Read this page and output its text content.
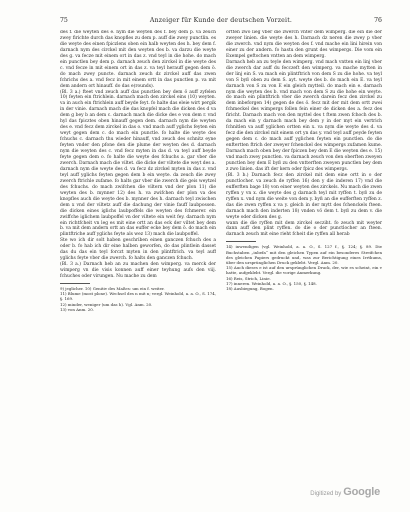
75	Anzeiger für Kunde der deutschen Vorzeit.	76

des f. die weyten des e. nym die weyten des f. bey dem p. va zeuch zwey firichte durch das knopfles zu dem p. auff die zwey punctlin. es die weyte des einen fpiczlens oben ein halb weyten des h. bey dem f. darnach nym des circkel mit den weyten des b. va darzu die weyte des g. va fecze mit einem ort in das z. vnd teyl in die hohe. do mach ein punctlen bey dem p. darnach zeuch den zirckel in die weyte des c. vnd fecze in mit einem ort in das z. va teyl herauff gegen dem ö. do mach zwey puncte. darnach zeuch dz zirckel auff das zwen fchrichs des a. vnd fecz in mit einem ortt in das punctlen p. va mit dem andern ort hinauff. do das e(rounds).

(Bl. 3 a.) fteet vnd zeuch auff das punctlen bey dem ö auff zyfelen 10) feyten ein ftrichlein. darnach mach den zirckel eins (10) weyten. va in auch ein ftrichlein auff beyde feyt. fo halte das eleie wirt pergik in der vinie. darnach mach die das knopfel mach die dicken des d va dem g bey b an dem c. darnach mach die dicke des e von dem r. vnd hyl das fpicztes oben hinauff gegen dem. darnach nym die weyten des e. vnd fecz dem zirckel in das o. vnd mach auff yglichs feyten ein weyt gegen dem c. do mach ein punctle. fo halte die weyte des fchuchs c. darnach thu wieder hinauff, vnd zeuch des schnitz eyne feyten vnder den pfone den die plume der weyten des d. darnach nym die weyten des c. vnd fecz myten in das d. va teyl auff beyde feyte gegen dem o. fo halte die weyte des fchuchs a. gar vber die zwerch. Darnach mach die viltet. die dicke der viltete die weyt des a. darnach nym die weyte des d. va fecz dz zirckel myten in das z. vnd teyl auff yglichs feyten gegen dem b ein weyte. da zeuch die zwey zwerch ftrichle zufame. fo halts gar vber die zwerch die geis weytzel des fchuchs. do mach zwifchen die viltern vnd der plon 11) die weyten des b. mynner 12) des h. va zwifchen der plon va des knopfles auch die weyte des b. mynner des h. darnach teyl zwischen dem x vnd der viltetz auff die dachung der vinie fauff laubpossen. die dicken eines iglichs laubpoffels die weyten des fchmerer. ein zwiffche iglichem laubpoffel vn der viltete ein weit fey. darnach nym ein richtfcheit vn leg es mit eine ortt an das eck der viltet bey dem b. va mit dem andern ortt an das euffer ecke bey dem ö. do mach ein plintftriche auff yglichs feyte als wez 13) mach die laubpoffel.

Ste wo ich dir solt haben geschriben einen ganczen fchuch des a oder b. fo hab ich dir eine halben geworfen, do das plintlein dasset das du das ein teyl forczt myten in den plintftrich. va teyl auff yglichs feyte vber die zwerch. fo halts den ganczen fchuch.

(Bl. 3 a.) Darnach heb an zu machen den wimperg. va merck der wimperg vn die visis konnen auff einer teyhung aufs den viij. fchuches oder virungen. Nu mache zu dem

9) jeglicher. 10) Genitiv des Maßes: um ein f. weiter.

11) Blume (most plone). Wechsel des n mit n; vergl. Weinhold, a. a. O., S. 174, §. 169.

12) minder, weniger (um das h). Vgl. Anm. 20.

13) von Anm. 20.

ortten zwo lieg vber die zwerch vnter dem wimperg. die ein die der zweyer linien. die weyte des h. Darnach dz neren die zwey p vber die zwerch. vnd nym die weyten des f. vnd mache ein lini hirein von einer zu der andern. fo hastu den grunt des wimpergs. Die vom ein Exempel geftochen vntten an dem wimperg.

Darnach heb an zu teyle den wimperg. vnd mach vntten ein linj vber die zwerch dar auff du fecczeft den wimperg. va mache mytten in der linj ein S. va mach ein plintftrich von dem S zu die hohe. va teyl von S byß oben zu dem S. ayt. weyte des b. do mach ein E. va teyl darnach von S zu von E ein gleich mytteil. do mach ein e. darnach nym die weyten des b. vnd mach von dem S zu die hohe ein weyte. do mach ein plintftrich vber die zwerch darein fecz den zirckel zu dem inbeforgen 14) gegen de des ö. fecz mit der mit dem ortt zwei fchmeckel des wimpergs follen fein einer de dicken des a. fecz des firicht. Darnach mach von den myttel des t ftem zwen fchoch des b. da mach ein y darnach mach bey dem y in der myt ein vertrich fchnitlen va auff yglichen ortten ein x. va nym die weyte des d. va fecz die den zirckel mit einem ort yn das y. vnd teyl auff peyde feyten gegen dem c. do mach auff yglichen feyten ein punctlen. do die enftertten ftrich der zweyer fchenckel des wimpergs zufamen kume. Darnach mach oben bey der fpiczen bey dem E die weyten des e. 15) vnd mach zwey punctlen. va darnach zeuch von den oberften zweyen punctlen bey dem E byß zu den vntterften zweyen punctlen bey dem z zwo linien. das ift der kern oder fpicz des wimpergs.

(Bl. 3 b.) Darnach fecz den zirckel mit dem eine ortt in o der punctlocher. va zeuch de ryffen 16) den y die inderen 17) vnd die eufferften bage 18) von einer weyten des zirckels. Nu mach die zwen ryffen y vn x. die weyte des g darnach teyl mit ryffen t. byß zu de ryffen x. vnd nym die weite von dem y. byß an die eufferften ryffen z. das die zwen ryffen x va y. gleich in der mytt des fchenckels fteen. darnach mach den inderten 18) vnden vö dem t. byß zu dem v. die weyte oder dicken des g.

wann die die ryffen mit dem zirckel secziht. fo zeuch mit weyter dann auff den plint ryffen. do die o der punctlocher an fteen. darnach zeuch mit eine rieht fcheit die ryffen all herab

14) inwendigen (vgl. Weinhold, a. a. O., S. 127 f., §. 124; §. 89. Die Buchstaben „inbefa“ mit den gleichen Typen auf ein besonderes Streifchen des gleichen Papiers gedruckt und, was zur Berichtigung eines Irrthums, über den ursprünglichen Druck geklebt. Vergl. Anm. 20.

15) Auch dieses e ist auf den ursprünglichen Druck, der, wie es scheint, ein v hatte, aufgeklebt. Vergl. die vorige Anmerkung.

16) Reis, Strich, Linie.

17) inneren. Weinhold, a. a. O., §. 150, §. 148.

18) Ausbiegung, Bogen.

Digitized by Google
